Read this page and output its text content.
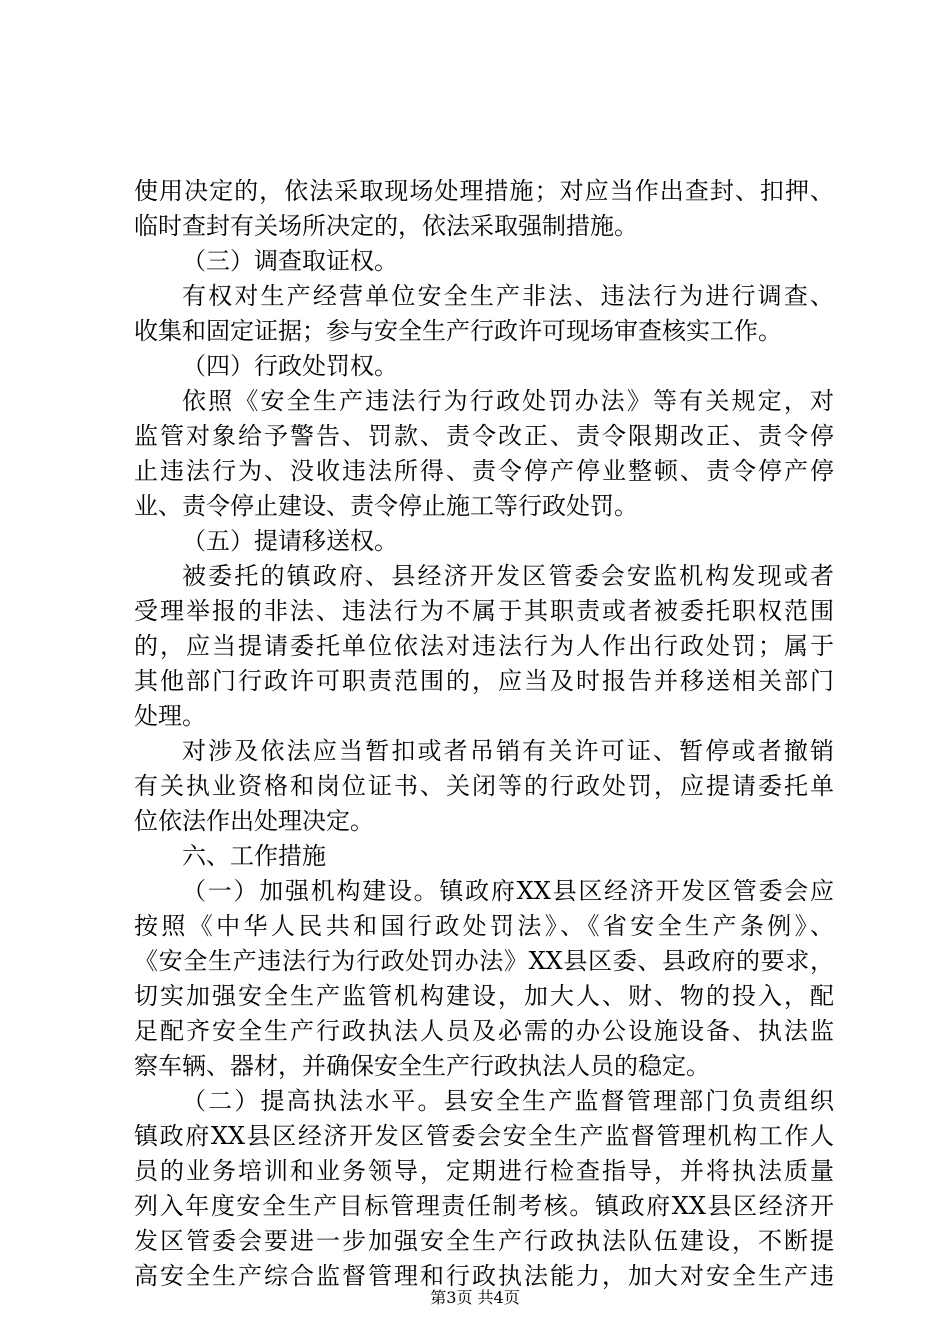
使用决定的，依法采取现场处理措施；对应当作出查封、扣押、
临时查封有关场所决定的，依法采取强制措施。
（三）调查取证权。
有权对生产经营单位安全生产非法、违法行为进行调查、
收集和固定证据；参与安全生产行政许可现场审查核实工作。
（四）行政处罚权。
依照《安全生产违法行为行政处罚办法》等有关规定，对
监管对象给予警告、罚款、责令改正、责令限期改正、责令停
止违法行为、没收违法所得、责令停产停业整顿、责令停产停
业、责令停止建设、责令停止施工等行政处罚。
（五）提请移送权。
被委托的镇政府、县经济开发区管委会安监机构发现或者
受理举报的非法、违法行为不属于其职责或者被委托职权范围
的，应当提请委托单位依法对违法行为人作出行政处罚；属于
其他部门行政许可职责范围的，应当及时报告并移送相关部门
处理。
对涉及依法应当暂扣或者吊销有关许可证、暂停或者撤销
有关执业资格和岗位证书、关闭等的行政处罚，应提请委托单
位依法作出处理决定。
六、工作措施
（一）加强机构建设。镇政府XX县区经济开发区管委会应
按照《中华人民共和国行政处罚法》、《省安全生产条例》、
《安全生产违法行为行政处罚办法》XX县区委、县政府的要求，
切实加强安全生产监管机构建设，加大人、财、物的投入，配
足配齐安全生产行政执法人员及必需的办公设施设备、执法监
察车辆、器材，并确保安全生产行政执法人员的稳定。
（二）提高执法水平。县安全生产监督管理部门负责组织
镇政府XX县区经济开发区管委会安全生产监督管理机构工作人
员的业务培训和业务领导，定期进行检查指导，并将执法质量
列入年度安全生产目标管理责任制考核。镇政府XX县区经济开
发区管委会要进一步加强安全生产行政执法队伍建设，不断提
高安全生产综合监督管理和行政执法能力，加大对安全生产违
第3页 共4页
